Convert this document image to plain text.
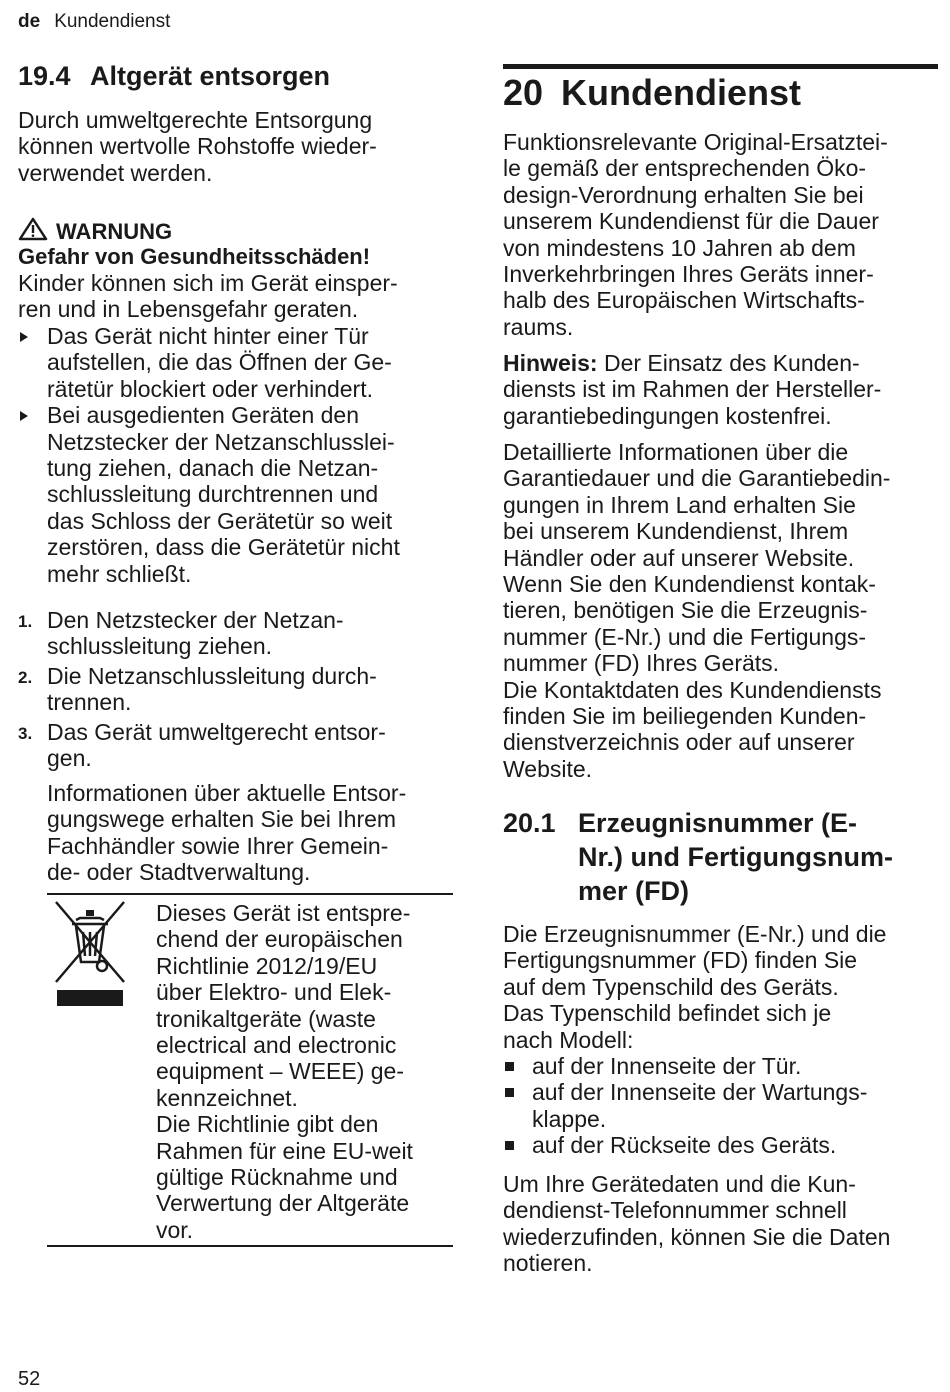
de Kundendienst
19.4 Altgerät entsorgen
Durch umweltgerechte Entsorgung
können wertvolle Rohstoffe wieder-
verwendet werden.
WARNUNG
Gefahr von Gesundheitsschäden!
Kinder können sich im Gerät einsper-
ren und in Lebensgefahr geraten.
Das Gerät nicht hinter einer Tür
aufstellen, die das Öffnen der Ge-
rätetür blockiert oder verhindert.
Bei ausgedienten Geräten den
Netzstecker der Netzanschlusslei-
tung ziehen, danach die Netzan-
schlussleitung durchtrennen und
das Schloss der Gerätetür so weit
zerstören, dass die Gerätetür nicht
mehr schließt.
1. Den Netzstecker der Netzan-
schlussleitung ziehen.
2. Die Netzanschlussleitung durch-
trennen.
3. Das Gerät umweltgerecht entsor-
gen.
Informationen über aktuelle Entsor-
gungswege erhalten Sie bei Ihrem
Fachhändler sowie Ihrer Gemein-
de- oder Stadtverwaltung.
Dieses Gerät ist entspre-
chend der europäischen
Richtlinie 2012/19/EU
über Elektro- und Elek-
tronikaltgeräte (waste
electrical and electronic
equipment – WEEE) ge-
kennzeichnet.
Die Richtlinie gibt den
Rahmen für eine EU-weit
gültige Rücknahme und
Verwertung der Altgeräte
vor.
20 Kundendienst
Funktionsrelevante Original-Ersatztei-
le gemäß der entsprechenden Öko-
design-Verordnung erhalten Sie bei
unserem Kundendienst für die Dauer
von mindestens 10 Jahren ab dem
Inverkehrbringen Ihres Geräts inner-
halb des Europäischen Wirtschafts-
raums.
Hinweis: Der Einsatz des Kunden-
diensts ist im Rahmen der Hersteller-
garantiebedingungen kostenfrei.
Detaillierte Informationen über die
Garantiedauer und die Garantiebedin-
gungen in Ihrem Land erhalten Sie
bei unserem Kundendienst, Ihrem
Händler oder auf unserer Website.
Wenn Sie den Kundendienst kontak-
tieren, benötigen Sie die Erzeugnis-
nummer (E-Nr.) und die Fertigungs-
nummer (FD) Ihres Geräts.
Die Kontaktdaten des Kundendiensts
finden Sie im beiliegenden Kunden-
dienstverzeichnis oder auf unserer
Website.
20.1 Erzeugnisnummer (E-
Nr.) und Fertigungsnum-
mer (FD)
Die Erzeugnisnummer (E-Nr.) und die
Fertigungsnummer (FD) finden Sie
auf dem Typenschild des Geräts.
Das Typenschild befindet sich je
nach Modell:
auf der Innenseite der Tür.
auf der Innenseite der Wartungs-
klappe.
auf der Rückseite des Geräts.
Um Ihre Gerätedaten und die Kun-
dendienst-Telefonnummer schnell
wiederzufinden, können Sie die Daten
notieren.
52
